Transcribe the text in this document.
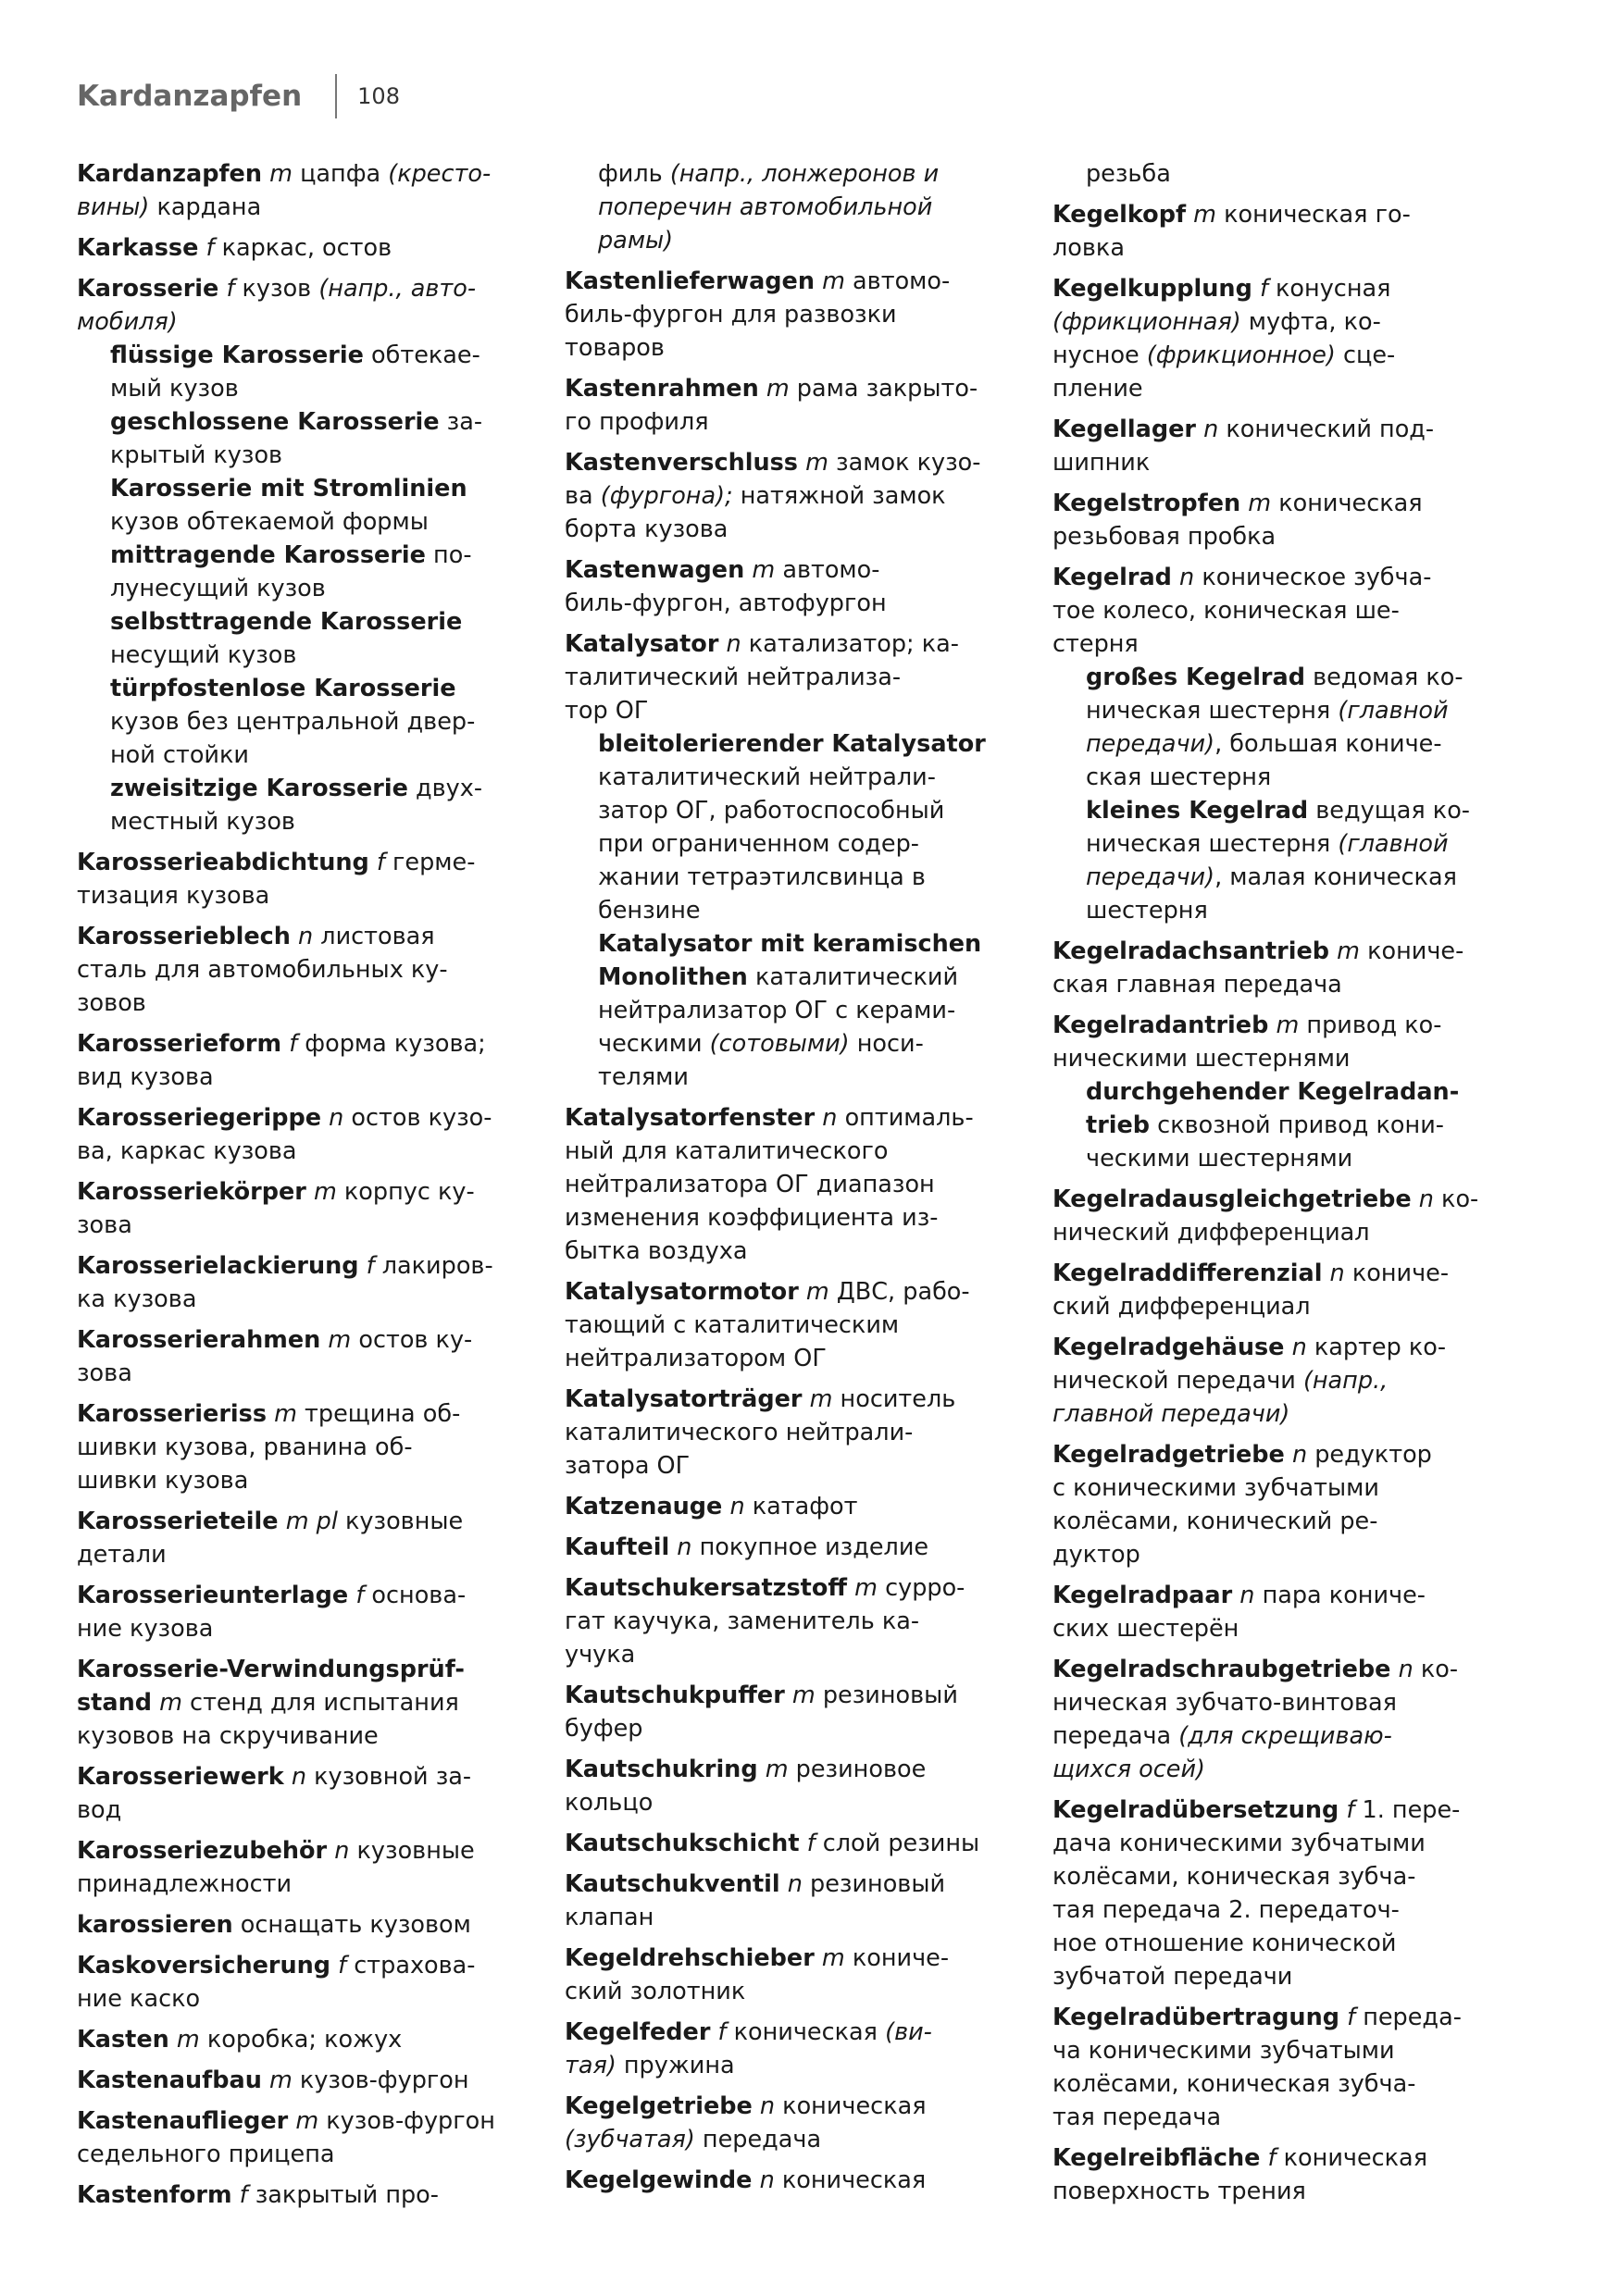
Kardanzapfen	108
Kardanzapfen m цапфа (кресто-
вины) кардана
Karkasse f каркас, остов
Karosserie f кузов (напр., авто-
мобиля)
flüssige Karosserie обтекае-
мый кузов
geschlossene Karosserie за-
крытый кузов
Karosserie mit Stromlinien
кузов обтекаемой формы
mittragende Karosserie по-
лунесущий кузов
selbsttragende Karosserie
несущий кузов
türpfostenlose Karosserie
кузов без центральной двер-
ной стойки
zweisitzige Karosserie двух-
местный кузов
Karosserieabdichtung f герме-
тизация кузова
Karosserieblech n листовая
сталь для автомобильных ку-
зовов
Karosserieform f форма кузова;
вид кузова
Karosseriegerippe n остов кузо-
ва, каркас кузова
Karosseriekörper m корпус ку-
зова
Karosserielackierung f лакиров-
ка кузова
Karosserierahmen m остов ку-
зова
Karosserieriss m трещина об-
шивки кузова, рванина об-
шивки кузова
Karosserieteile m pl кузовные
детали
Karosserieunterlage f основа-
ние кузова
Karosserie-Verwindungsprüf-
stand m стенд для испытания
кузовов на скручивание
Karosseriewerk n кузовной за-
вод
Karosseriezubehör n кузовные
принадлежности
karossieren оснащать кузовом
Kaskoversicherung f страхова-
ние каско
Kasten m коробка; кожух
Kastenaufbau m кузов-фургон
Kastenauflieger m кузов-фургон
седельного прицепа
Kastenform f закрытый про-
филь (напр., лонжеронов и
поперечин автомобильной
рамы)
Kastenlieferwagen m автомо-
биль-фургон для развозки
товаров
Kastenrahmen m рама закрыто-
го профиля
Kastenverschluss m замок кузо-
ва (фургона); натяжной замок
борта кузова
Kastenwagen m автомо-
биль-фургон, автофургон
Katalysator n катализатор; ка-
талитический нейтрализа-
тор ОГ
bleitolerierender Katalysator
каталитический нейтрали-
затор ОГ, работоспособный
при ограниченном содер-
жании тетраэтилсвинца в
бензине
Katalysator mit keramischen
Monolithen каталитический
нейтрализатор ОГ с керами-
ческими (сотовыми) носи-
телями
Katalysatorfenster n оптималь-
ный для каталитического
нейтрализатора ОГ диапазон
изменения коэффициента из-
бытка воздуха
Katalysatormotor m ДВС, рабо-
тающий с каталитическим
нейтрализатором ОГ
Katalysatorträger m носитель
каталитического нейтрали-
затора ОГ
Katzenauge n катафот
Kaufteil n покупное изделие
Kautschukersatzstoff m сурро-
гат каучука, заменитель ка-
учука
Kautschukpuffer m резиновый
буфер
Kautschukring m резиновое
кольцо
Kautschukschicht f слой резины
Kautschukventil n резиновый
клапан
Kegeldrehschieber m кониче-
ский золотник
Kegelfeder f коническая (ви-
тая) пружина
Kegelgetriebe n коническая
(зубчатая) передача
Kegelgewinde n коническая
резьба
Kegelkopf m коническая го-
ловка
Kegelkupplung f конусная
(фрикционная) муфта, ко-
нусное (фрикционное) сце-
пление
Kegellager n конический под-
шипник
Kegelstropfen m коническая
резьбовая пробка
Kegelrad n коническое зубча-
тое колесо, коническая ше-
стерня
großes Kegelrad ведомая ко-
ническая шестерня (главной
передачи), большая кониче-
ская шестерня
kleines Kegelrad ведущая ко-
ническая шестерня (главной
передачи), малая коническая
шестерня
Kegelradachsantrieb m кониче-
ская главная передача
Kegelradantrieb m привод ко-
ническими шестернями
durchgehender Kegelradan-
trieb сквозной привод кони-
ческими шестернями
Kegelradausgleichgetriebe n ко-
нический дифференциал
Kegelraddifferenzial n кониче-
ский дифференциал
Kegelradgehäuse n картер ко-
нической передачи (напр.,
главной передачи)
Kegelradgetriebe n редуктор
с коническими зубчатыми
колёсами, конический ре-
дуктор
Kegelradpaar n пара кониче-
ских шестерён
Kegelradschraubgetriebe n ко-
ническая зубчато-винтовая
передача (для скрещиваю-
щихся осей)
Kegelradübersetzung f 1. пере-
дача коническими зубчатыми
колёсами, коническая зубча-
тая передача 2. передаточ-
ное отношение конической
зубчатой передачи
Kegelradübertragung f переда-
ча коническими зубчатыми
колёсами, коническая зубча-
тая передача
Kegelreibfläche f коническая
поверхность трения
